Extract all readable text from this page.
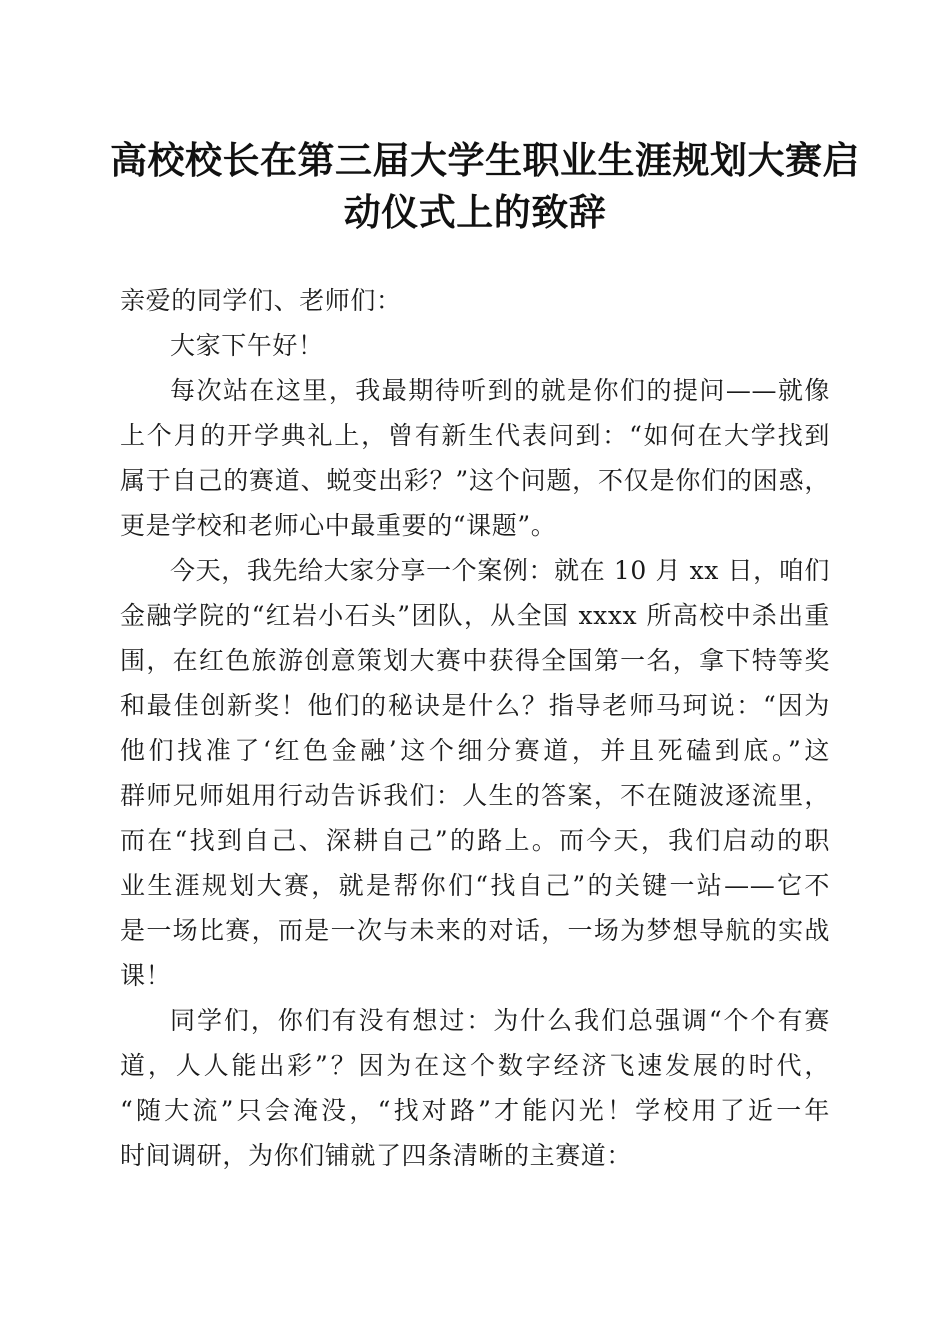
高校校长在第三届大学生职业生涯规划大赛启
动仪式上的致辞

亲爱的同学们、老师们：

大家下午好！

每次站在这里，我最期待听到的就是你们的提问——就像
上个月的开学典礼上，曾有新生代表问到：“如何在大学找到
属于自己的赛道、蜕变出彩？”这个问题，不仅是你们的困惑，
更是学校和老师心中最重要的“课题”。

今天，我先给大家分享一个案例：就在 10 月 xx 日，咱们
金融学院的“红岩小石头”团队，从全国 xxxx 所高校中杀出重
围，在红色旅游创意策划大赛中获得全国第一名，拿下特等奖
和最佳创新奖！他们的秘诀是什么？指导老师马珂说：“因为
他们找准了‘红色金融’这个细分赛道，并且死磕到底。”这
群师兄师姐用行动告诉我们：人生的答案，不在随波逐流里，
而在“找到自己、深耕自己”的路上。而今天，我们启动的职
业生涯规划大赛，就是帮你们“找自己”的关键一站——它不
是一场比赛，而是一次与未来的对话，一场为梦想导航的实战
课！

同学们，你们有没有想过：为什么我们总强调“个个有赛
道，人人能出彩”？因为在这个数字经济飞速发展的时代，
“随大流”只会淹没，“找对路”才能闪光！学校用了近一年
时间调研，为你们铺就了四条清晰的主赛道：
